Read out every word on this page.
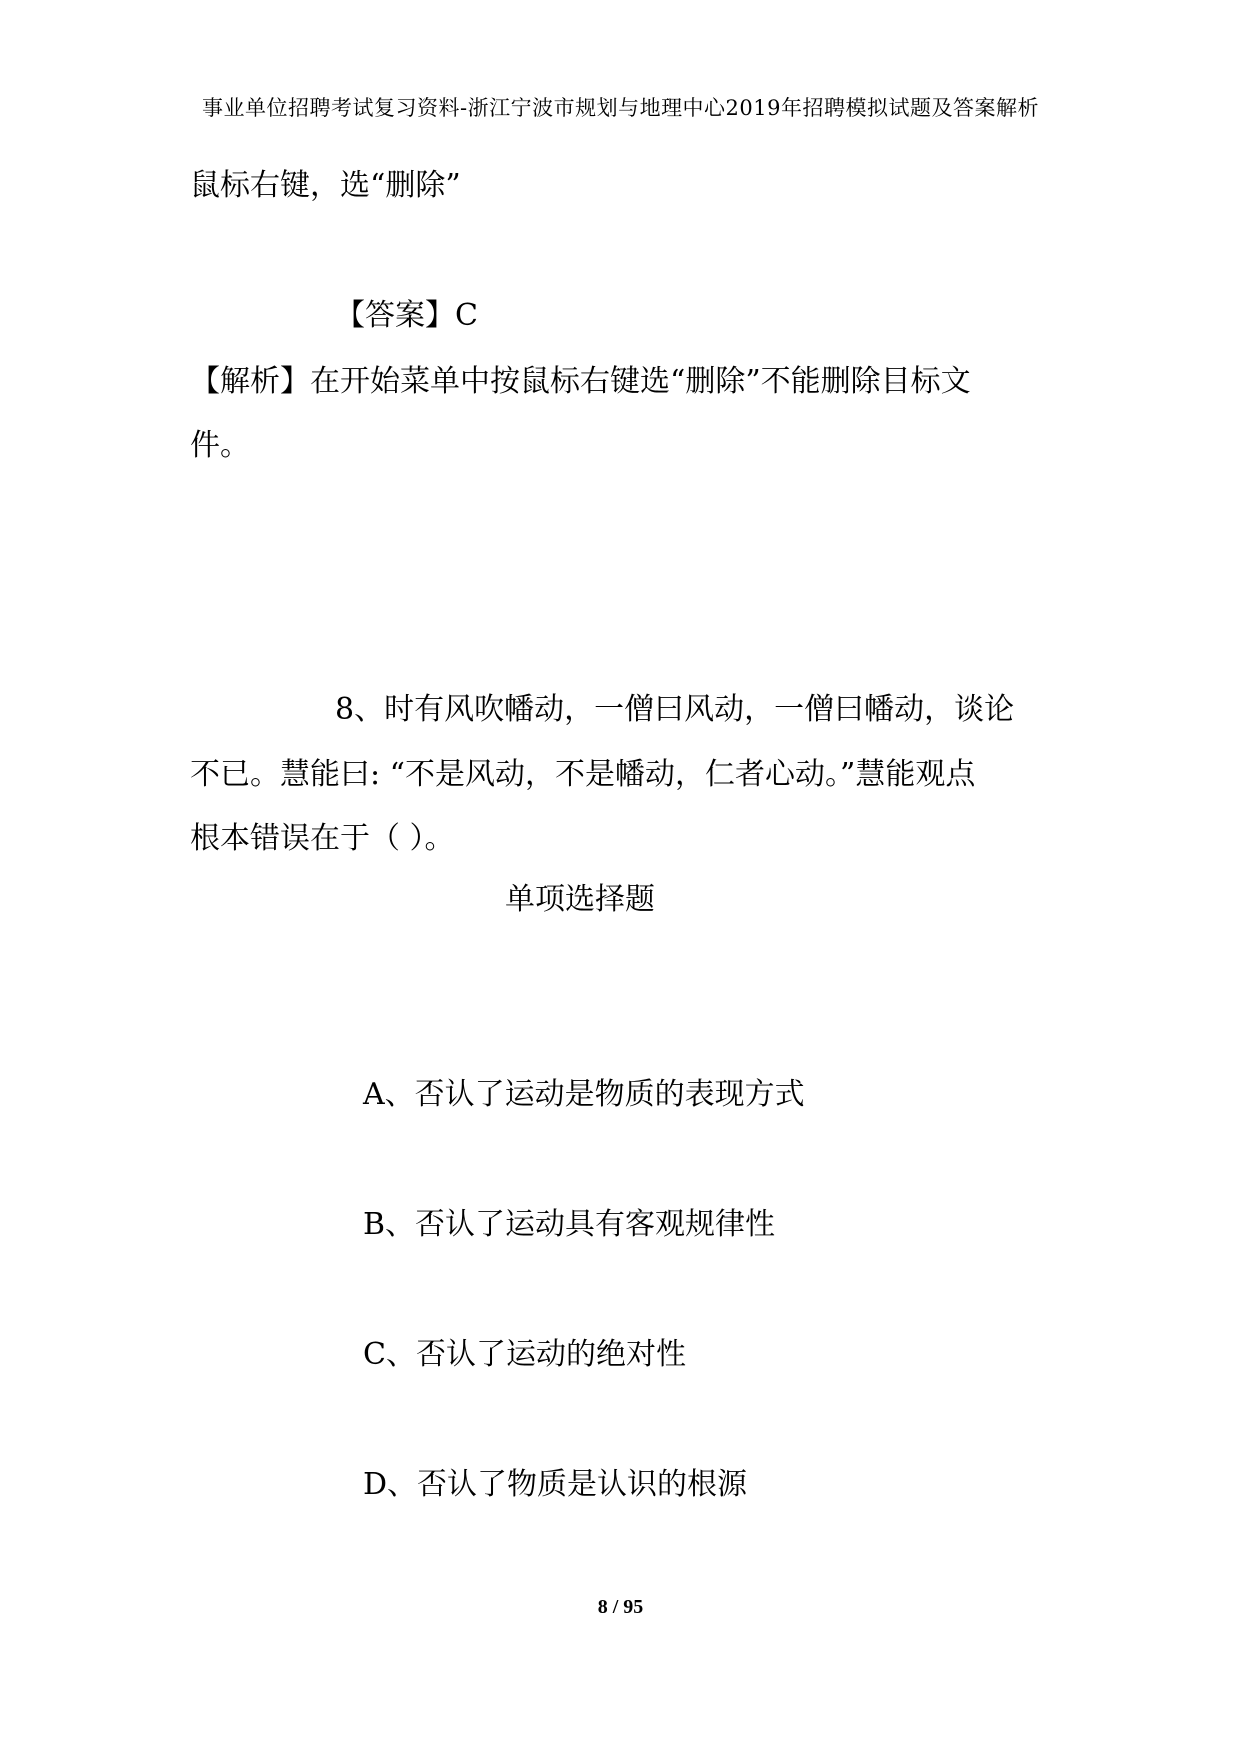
事业单位招聘考试复习资料-浙江宁波市规划与地理中心2019年招聘模拟试题及答案解析
鼠标右键，选“删除”
【答案】C
【解析】在开始菜单中按鼠标右键选“删除”不能删除目标文
件。
8、时有风吹幡动，一僧曰风动，一僧曰幡动，谈论
不已。慧能曰: “不是风动，不是幡动，仁者心动。”慧能观点
根本错误在于（ ）。
单项选择题
A、否认了运动是物质的表现方式
B、否认了运动具有客观规律性
C、否认了运动的绝对性
D、否认了物质是认识的根源
8 / 95
